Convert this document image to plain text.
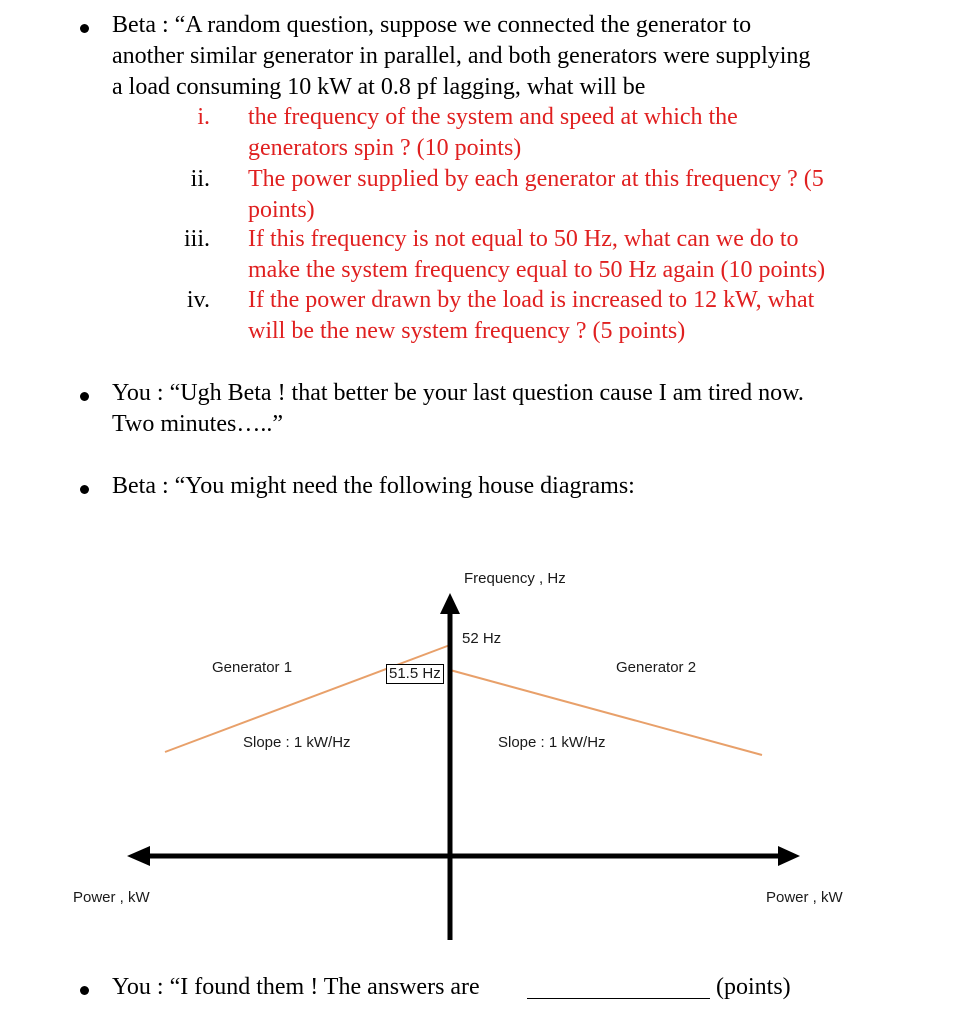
Beta : “A random question, suppose we connected the generator to
another similar generator in parallel, and both generators were supplying
a load consuming 10 kW at 0.8 pf lagging, what will be
i. the frequency of the system and speed at which the
generators spin ? (10 points)
ii. The power supplied by each generator at this frequency ? (5
points)
iii. If this frequency is not equal to 50 Hz, what can we do to
make the system frequency equal to 50 Hz again (10 points)
iv. If the power drawn by the load is increased to 12 kW, what
will be the new system frequency ? (5 points)
You : “Ugh Beta ! that better be your last question cause I am tired now.
Two minutes…..”
Beta : “You might need the following house diagrams:
Frequency , Hz
52 Hz
51.5 Hz
Generator 1	Generator 2
Slope : 1 kW/Hz	Slope : 1 kW/Hz
Power , kW	Power , kW
You : “I found them ! The answers are	(points)
